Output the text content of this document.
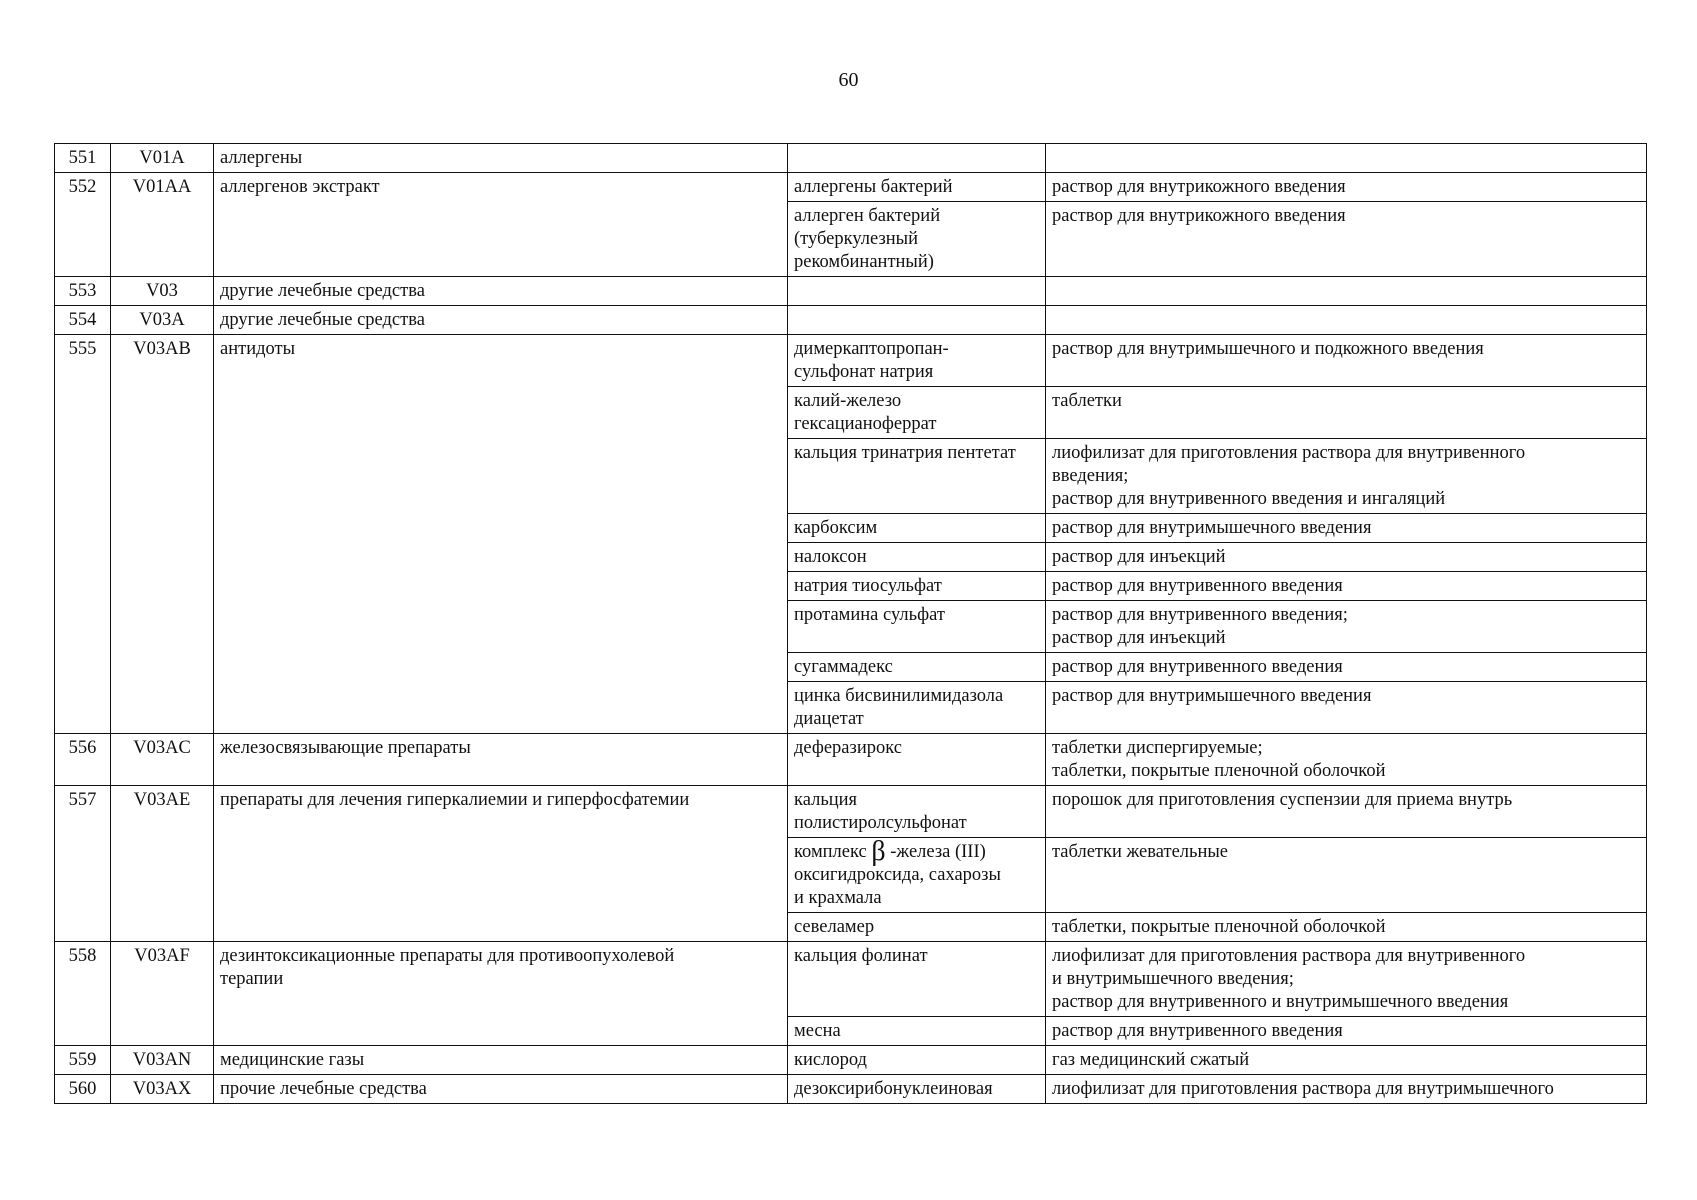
60
551	V01A	аллергены		
552	V01AA	аллергенов экстракт	аллергены бактерий	раствор для внутрикожного введения
			аллерген бактерий
(туберкулезный
рекомбинантный)	раствор для внутрикожного введения
553	V03	другие лечебные средства		
554	V03A	другие лечебные средства		
555	V03AB	антидоты	димеркаптопропан-
сульфонат натрия	раствор для внутримышечного и подкожного введения
			калий-железо
гексацианоферрат	таблетки
			кальция тринатрия пентетат	лиофилизат для приготовления раствора для внутривенного
введения;
раствор для внутривенного введения и ингаляций
			карбоксим	раствор для внутримышечного введения
			налоксон	раствор для инъекций
			натрия тиосульфат	раствор для внутривенного введения
			протамина сульфат	раствор для внутривенного введения;
раствор для инъекций
			сугаммадекс	раствор для внутривенного введения
			цинка бисвинилимидазола
диацетат	раствор для внутримышечного введения
556	V03AC	железосвязывающие препараты	деферазирокс	таблетки диспергируемые;
таблетки, покрытые пленочной оболочкой
557	V03AE	препараты для лечения гиперкалиемии и гиперфосфатемии	кальция
полистиролсульфонат	порошок для приготовления суспензии для приема внутрь
			комплекс β -железа (III)
оксигидроксида, сахарозы
и крахмала	таблетки жевательные
			севеламер	таблетки, покрытые пленочной оболочкой
558	V03AF	дезинтоксикационные препараты для противоопухолевой
терапии	кальция фолинат	лиофилизат для приготовления раствора для внутривенного
и внутримышечного введения;
раствор для внутривенного и внутримышечного введения
			месна	раствор для внутривенного введения
559	V03AN	медицинские газы	кислород	газ медицинский сжатый
560	V03AX	прочие лечебные средства	дезоксирибонуклеиновая	лиофилизат для приготовления раствора для внутримышечного
